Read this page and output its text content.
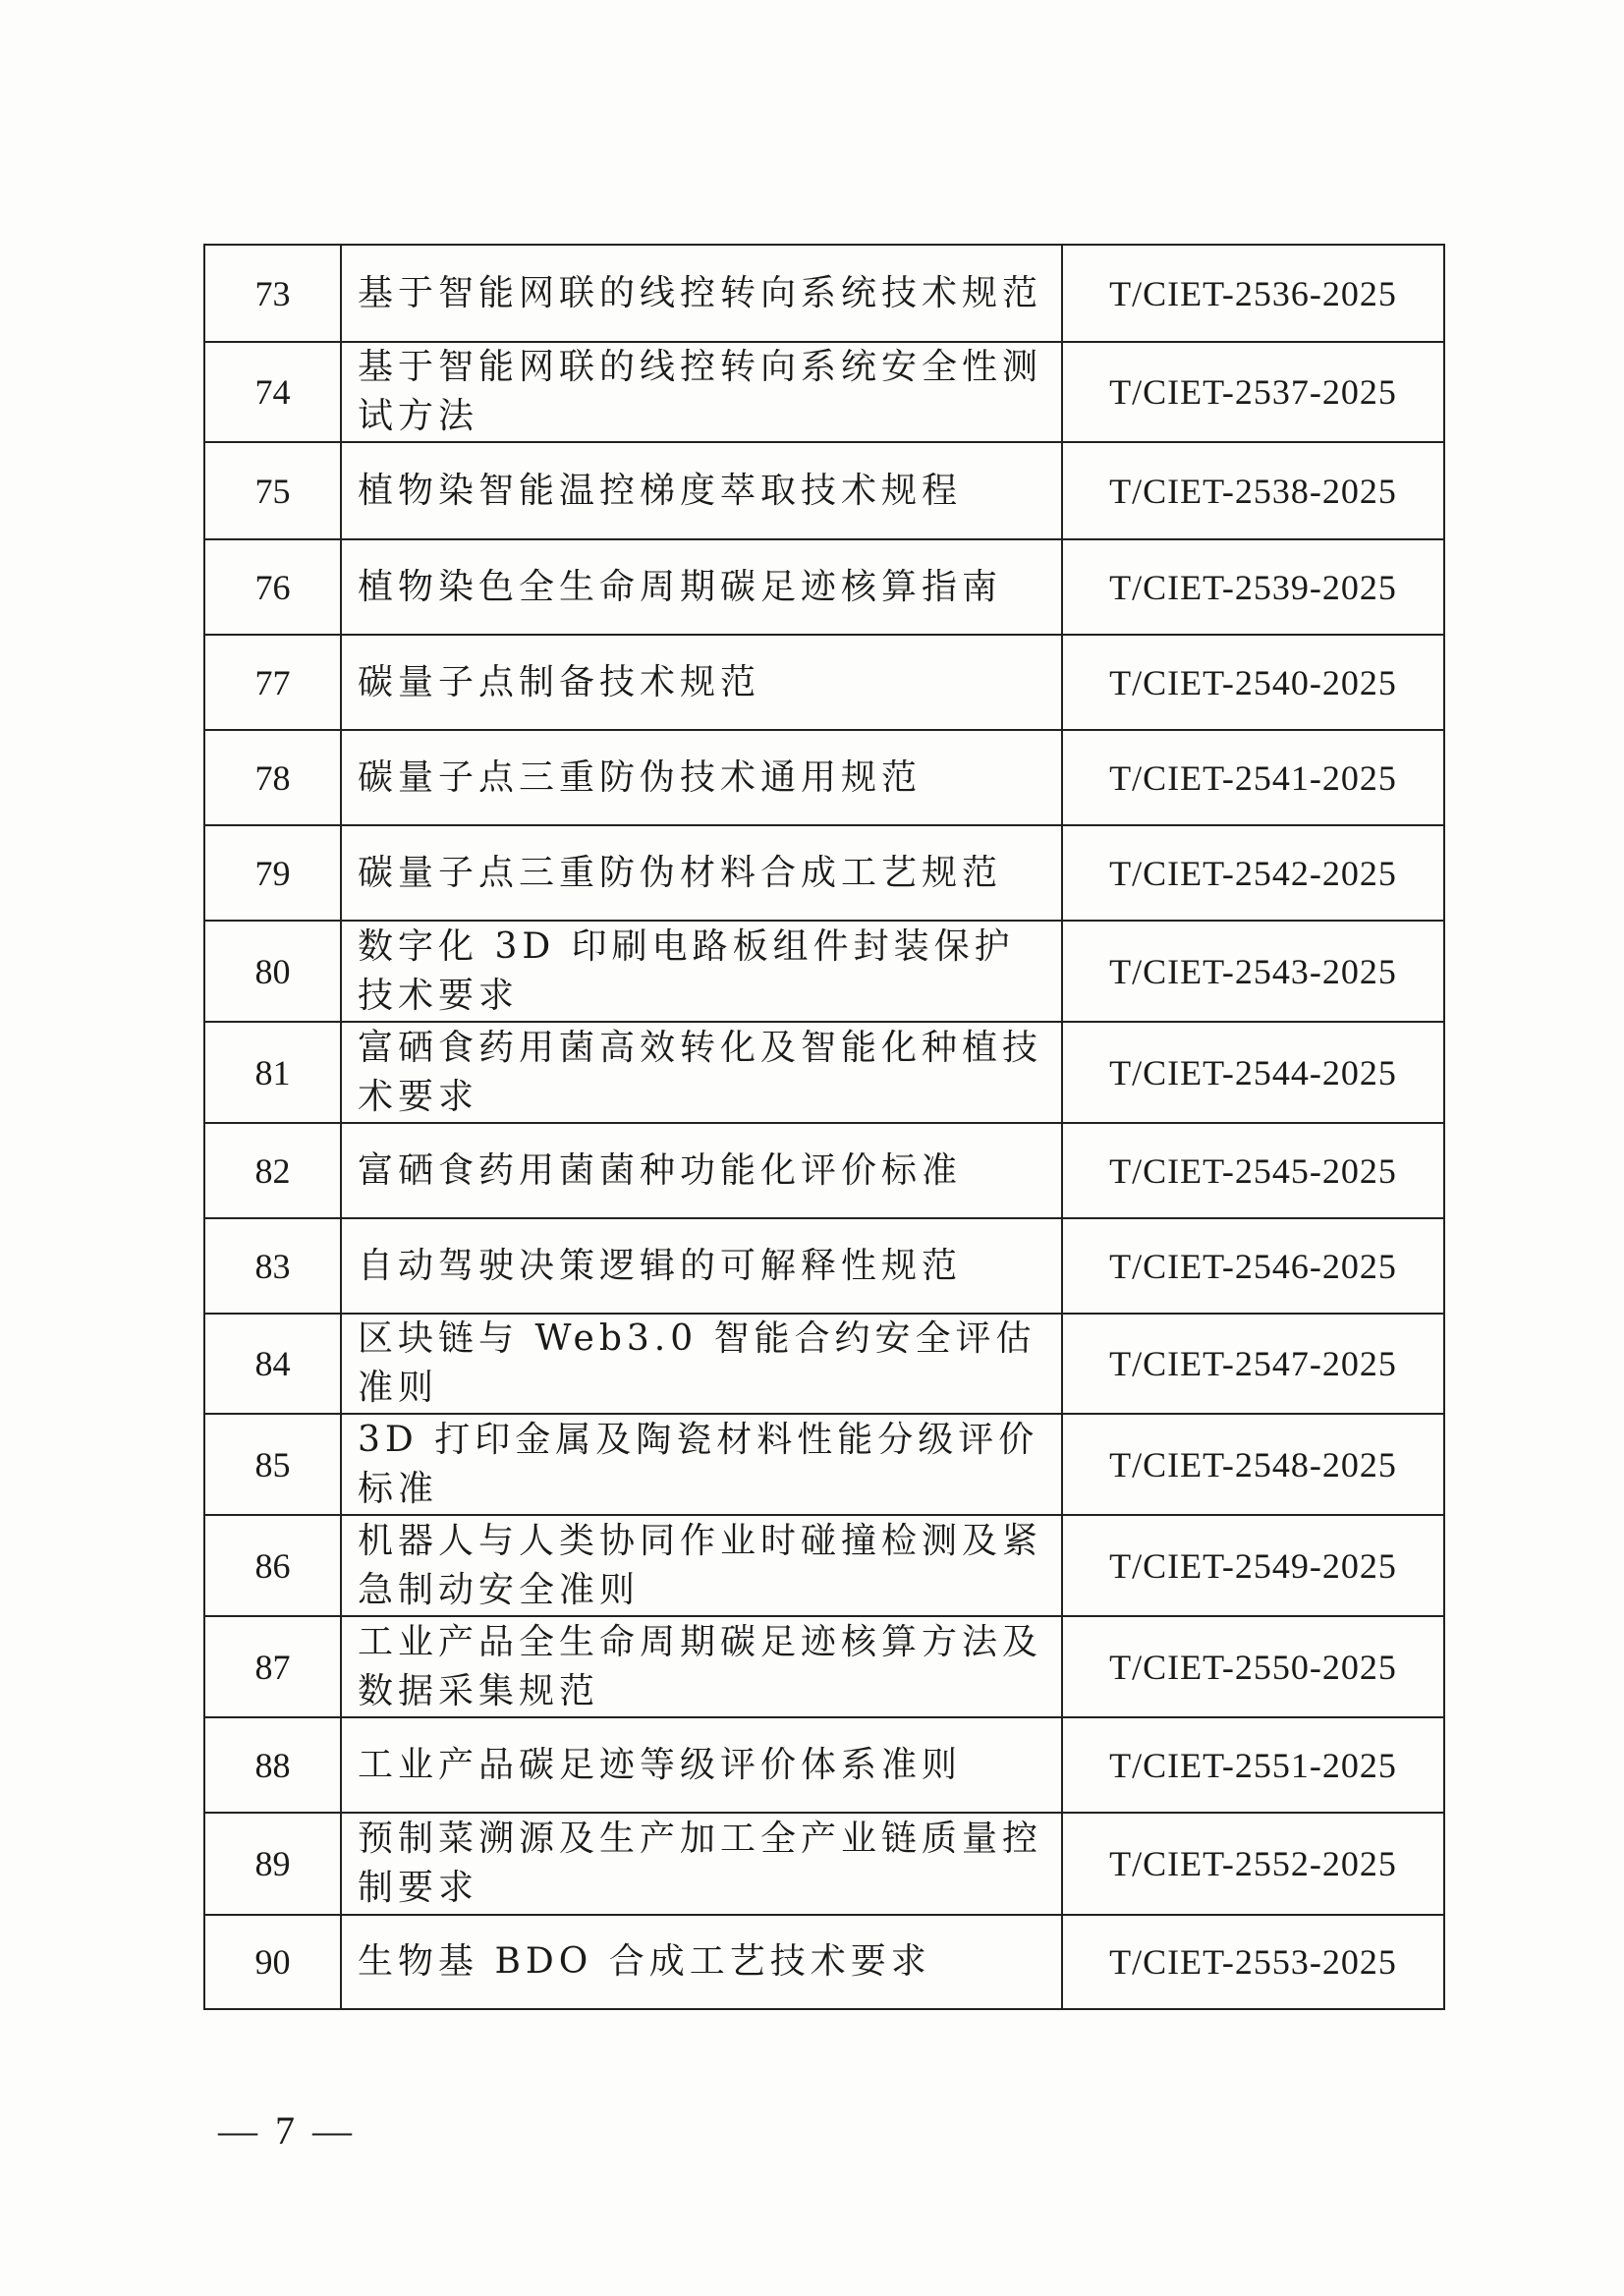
73	基于智能网联的线控转向系统技术规范	T/CIET-2536-2025
74	基于智能网联的线控转向系统安全性测试方法	T/CIET-2537-2025
75	植物染智能温控梯度萃取技术规程	T/CIET-2538-2025
76	植物染色全生命周期碳足迹核算指南	T/CIET-2539-2025
77	碳量子点制备技术规范	T/CIET-2540-2025
78	碳量子点三重防伪技术通用规范	T/CIET-2541-2025
79	碳量子点三重防伪材料合成工艺规范	T/CIET-2542-2025
80	数字化 3D 印刷电路板组件封装保护技术要求	T/CIET-2543-2025
81	富硒食药用菌高效转化及智能化种植技术要求	T/CIET-2544-2025
82	富硒食药用菌菌种功能化评价标准	T/CIET-2545-2025
83	自动驾驶决策逻辑的可解释性规范	T/CIET-2546-2025
84	区块链与 Web3.0 智能合约安全评估准则	T/CIET-2547-2025
85	3D 打印金属及陶瓷材料性能分级评价标准	T/CIET-2548-2025
86	机器人与人类协同作业时碰撞检测及紧急制动安全准则	T/CIET-2549-2025
87	工业产品全生命周期碳足迹核算方法及数据采集规范	T/CIET-2550-2025
88	工业产品碳足迹等级评价体系准则	T/CIET-2551-2025
89	预制菜溯源及生产加工全产业链质量控制要求	T/CIET-2552-2025
90	生物基 BDO 合成工艺技术要求	T/CIET-2553-2025
— 7 —
